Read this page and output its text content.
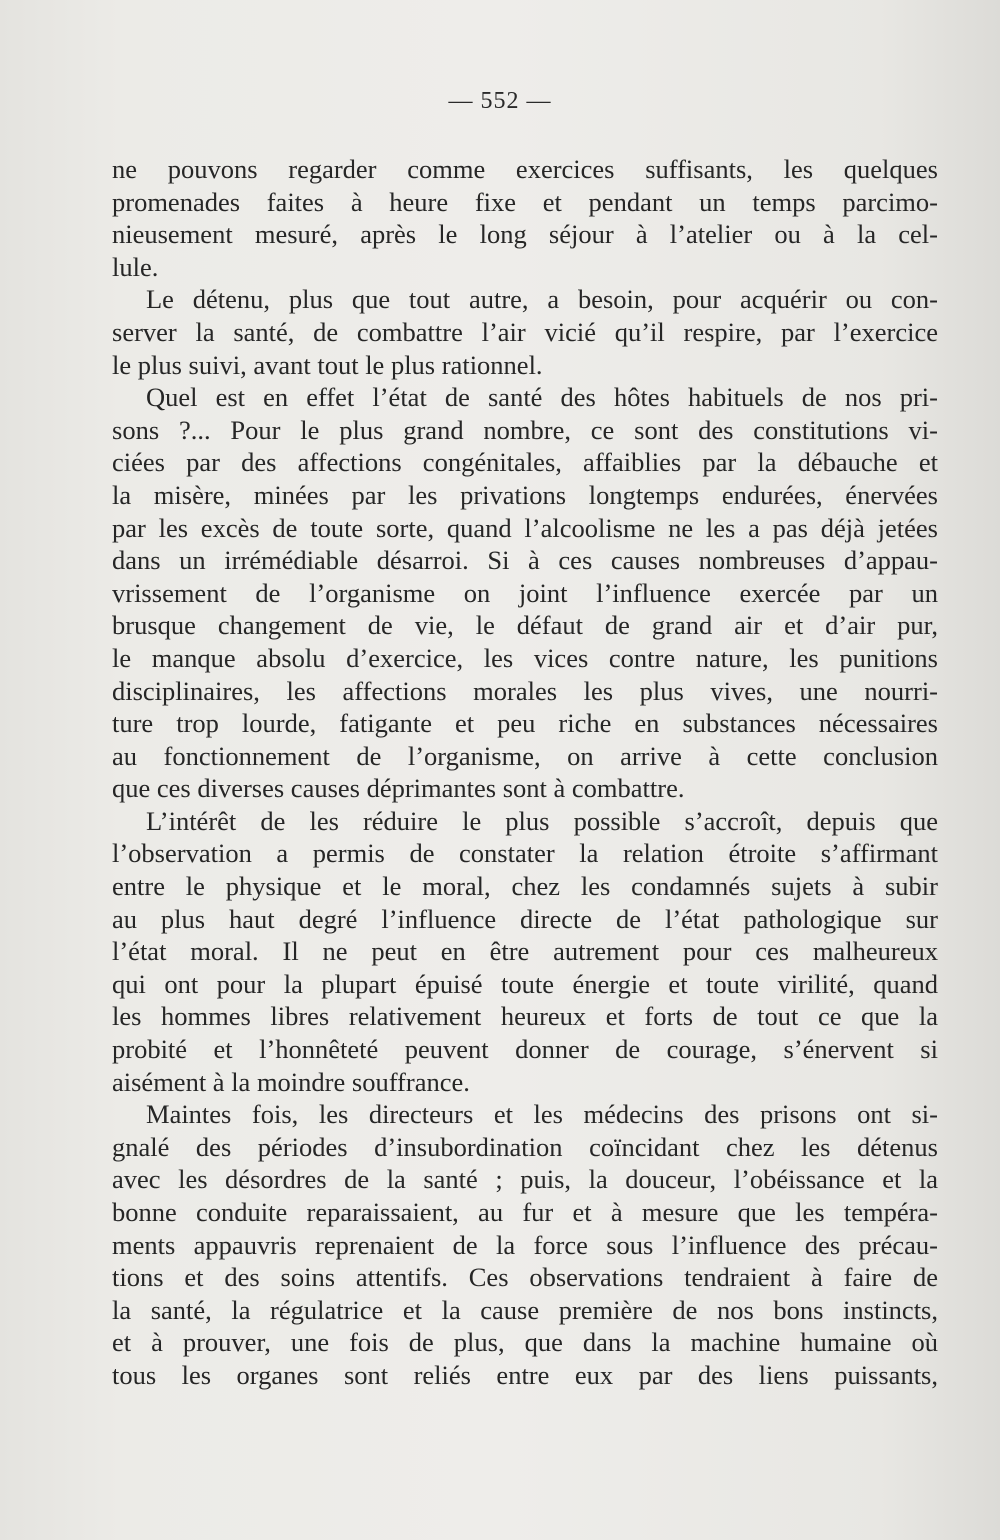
— 552 —
ne pouvons regarder comme exercices suffisants, les quelques
promenades faites à heure fixe et pendant un temps parcimo-
nieusement mesuré, après le long séjour à l’atelier ou à la cel-
lule.
Le détenu, plus que tout autre, a besoin, pour acquérir ou con-
server la santé, de combattre l’air vicié qu’il respire, par l’exercice
le plus suivi, avant tout le plus rationnel.
Quel est en effet l’état de santé des hôtes habituels de nos pri-
sons ?... Pour le plus grand nombre, ce sont des constitutions vi-
ciées par des affections congénitales, affaiblies par la débauche et
la misère, minées par les privations longtemps endurées, énervées
par les excès de toute sorte, quand l’alcoolisme ne les a pas déjà jetées
dans un irrémédiable désarroi. Si à ces causes nombreuses d’appau-
vrissement de l’organisme on joint l’influence exercée par un
brusque changement de vie, le défaut de grand air et d’air pur,
le manque absolu d’exercice, les vices contre nature, les punitions
disciplinaires, les affections morales les plus vives, une nourri-
ture trop lourde, fatigante et peu riche en substances nécessaires
au fonctionnement de l’organisme, on arrive à cette conclusion
que ces diverses causes déprimantes sont à combattre.
L’intérêt de les réduire le plus possible s’accroît, depuis que
l’observation a permis de constater la relation étroite s’affirmant
entre le physique et le moral, chez les condamnés sujets à subir
au plus haut degré l’influence directe de l’état pathologique sur
l’état moral. Il ne peut en être autrement pour ces malheureux
qui ont pour la plupart épuisé toute énergie et toute virilité, quand
les hommes libres relativement heureux et forts de tout ce que la
probité et l’honnêteté peuvent donner de courage, s’énervent si
aisément à la moindre souffrance.
Maintes fois, les directeurs et les médecins des prisons ont si-
gnalé des périodes d’insubordination coïncidant chez les détenus
avec les désordres de la santé ; puis, la douceur, l’obéissance et la
bonne conduite reparaissaient, au fur et à mesure que les tempéra-
ments appauvris reprenaient de la force sous l’influence des précau-
tions et des soins attentifs. Ces observations tendraient à faire de
la santé, la régulatrice et la cause première de nos bons instincts,
et à prouver, une fois de plus, que dans la machine humaine où
tous les organes sont reliés entre eux par des liens puissants,
